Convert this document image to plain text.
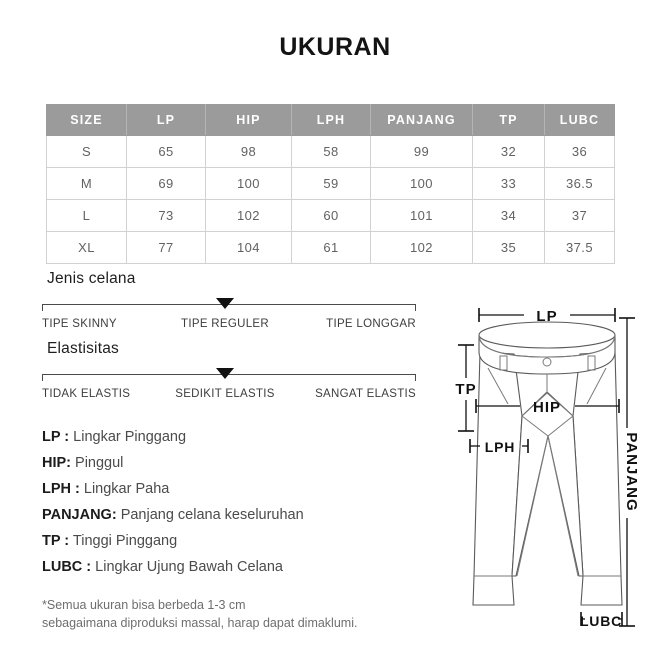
UKURAN
SIZE	LP	HIP	LPH	PANJANG	TP	LUBC
S	65	98	58	99	32	36
M	69	100	59	100	33	36.5
L	73	102	60	101	34	37
XL	77	104	61	102	35	37.5
Jenis celana
TIPE SKINNY	TIPE REGULER	TIPE LONGGAR
Elastisitas
TIDAK ELASTIS	SEDIKIT ELASTIS	SANGAT ELASTIS
LP : Lingkar Pinggang
HIP: Pinggul
LPH : Lingkar Paha
PANJANG: Panjang celana keseluruhan
TP : Tinggi Pinggang
LUBC : Lingkar Ujung Bawah Celana
*Semua ukuran bisa berbeda 1-3 cm
sebagaimana diproduksi massal, harap dapat dimaklumi.
LP
TP
HIP
LPH	PANJANG
LUBC
